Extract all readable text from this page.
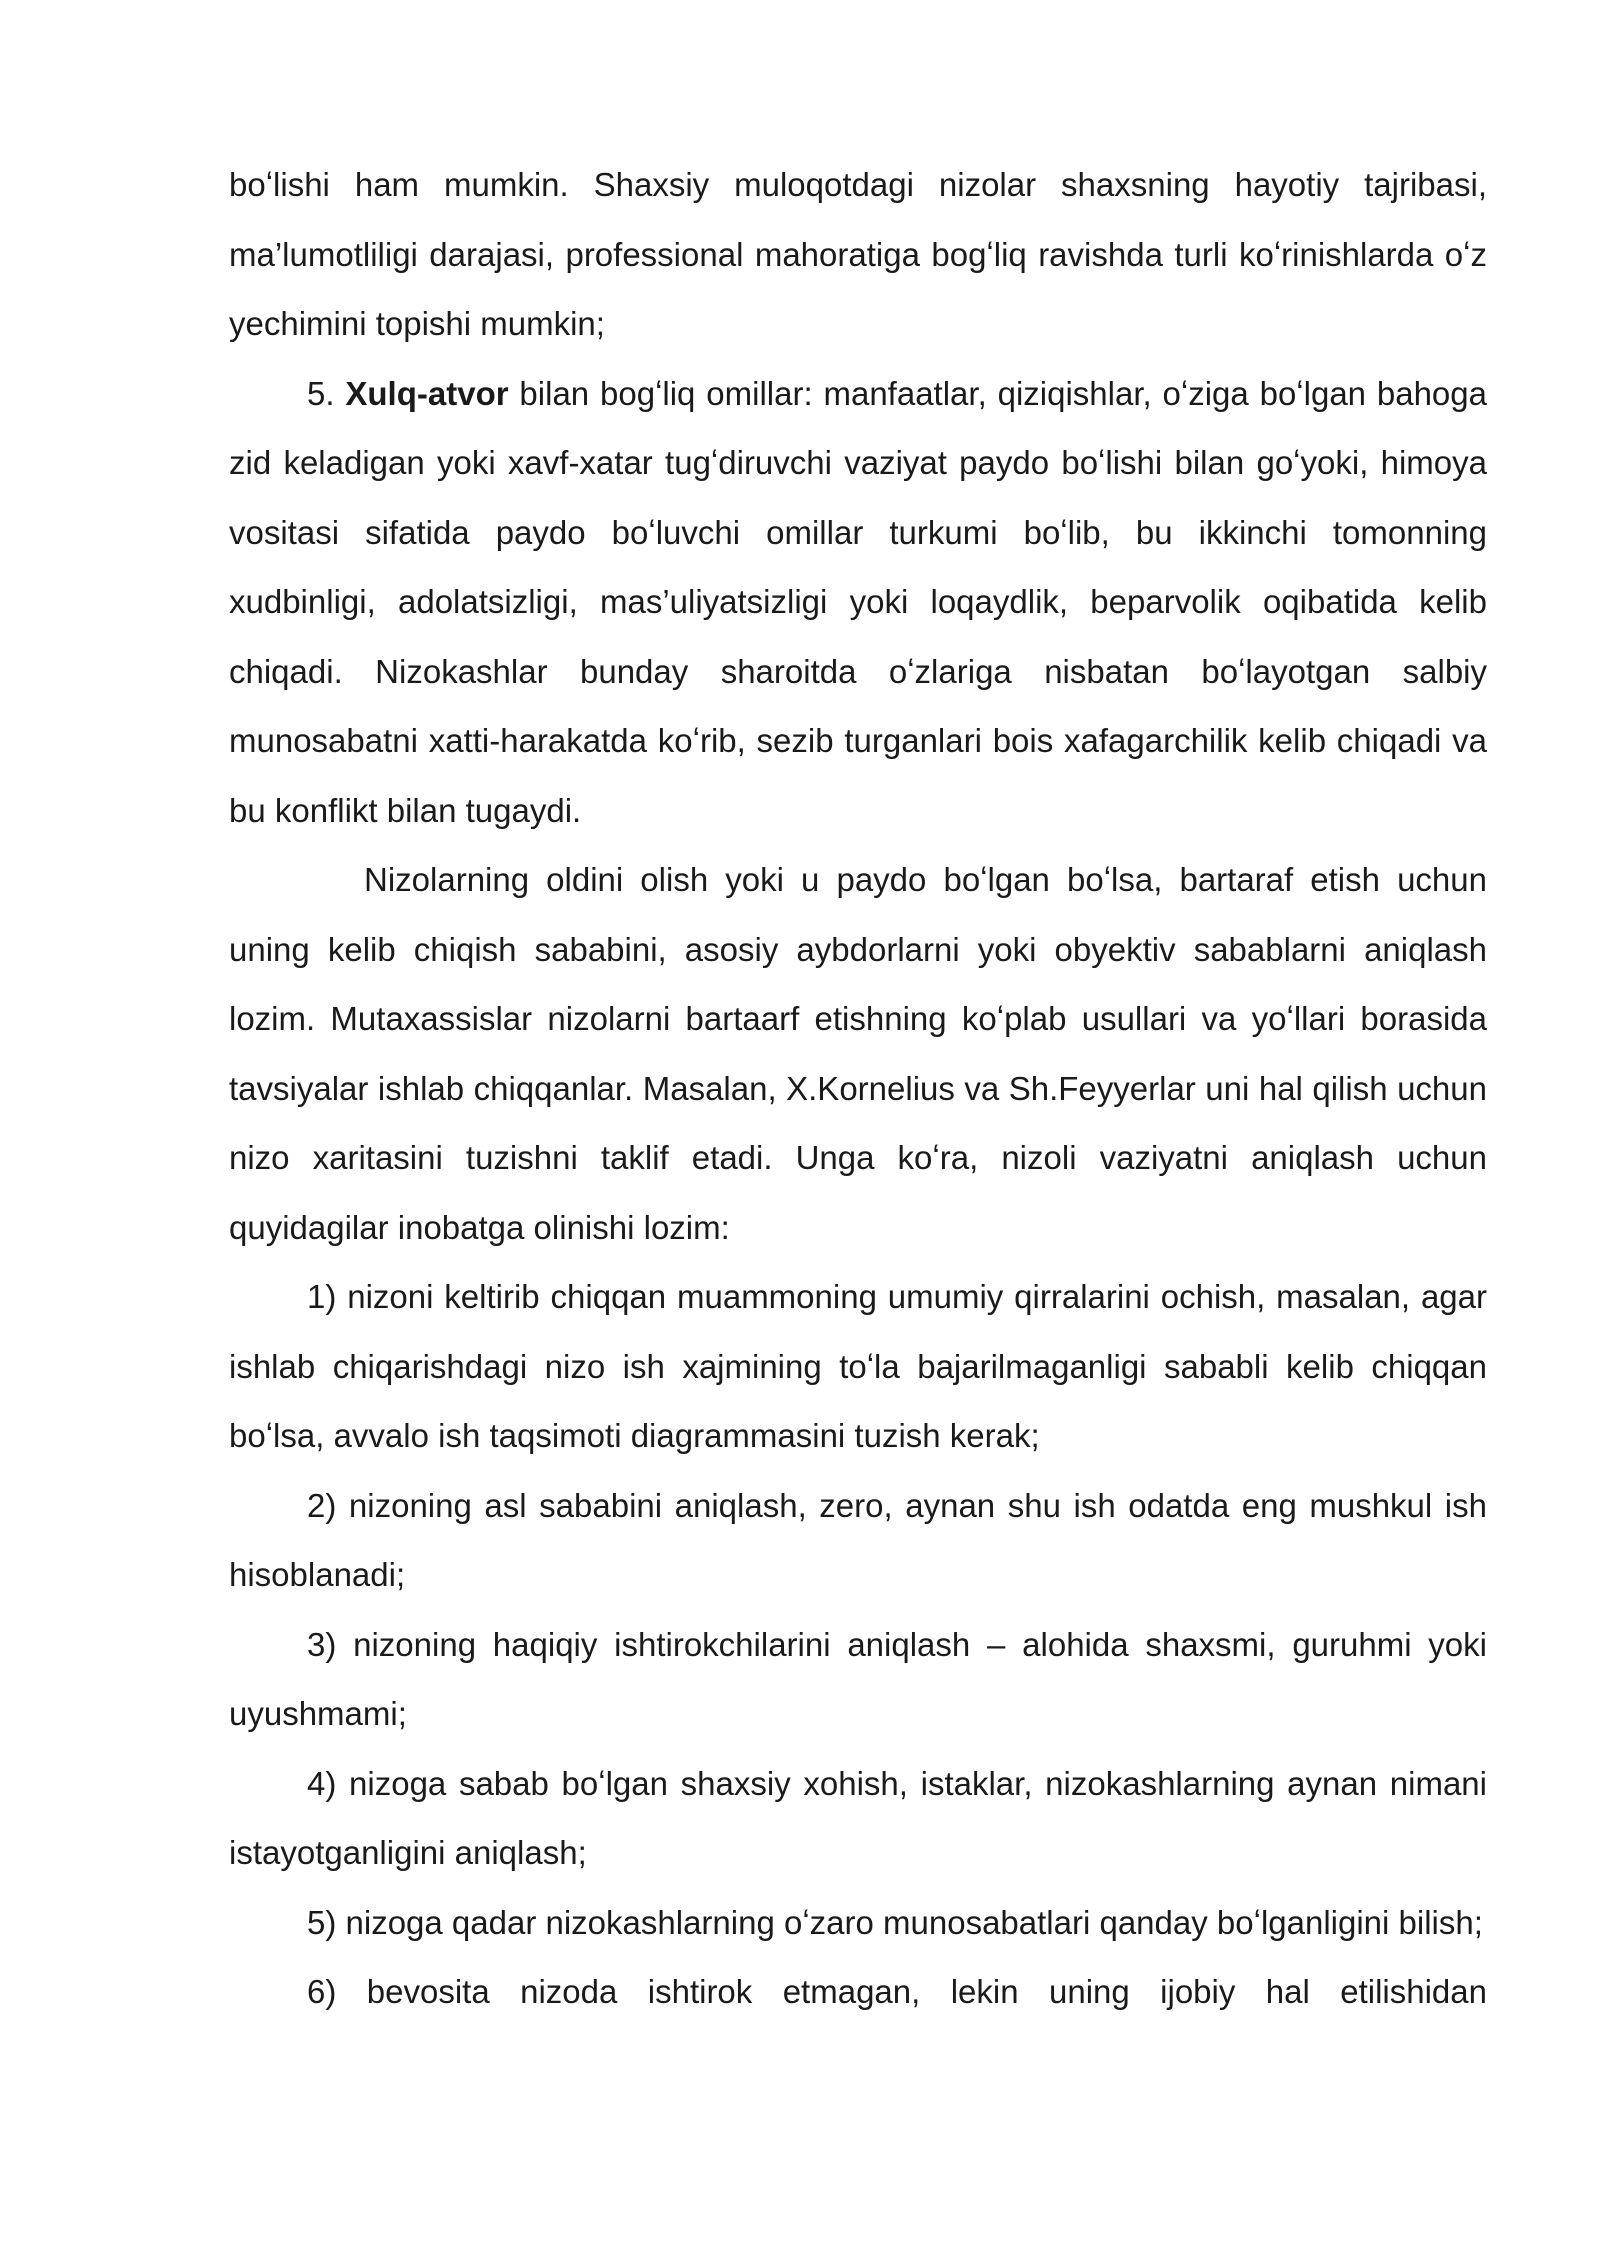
boʻlishi ham mumkin. Shaxsiy muloqotdagi nizolar shaxsning hayotiy tajribasi, ma’lumotliligi darajasi, professional mahoratiga bogʻliq ravishda turli koʻrinishlarda oʻz yechimini topishi mumkin;

5. Xulq-atvor bilan bogʻliq omillar: manfaatlar, qiziqishlar, oʻziga boʻlgan bahoga zid keladigan yoki xavf-xatar tugʻdiruvchi vaziyat paydo boʻlishi bilan goʻyoki, himoya vositasi sifatida paydo boʻluvchi omillar turkumi boʻlib, bu ikkinchi tomonning xudbinligi, adolatsizligi, mas’uliyatsizligi yoki loqaydlik, beparvolik oqibatida kelib chiqadi. Nizokashlar bunday sharoitda oʻzlariga nisbatan boʻlayotgan salbiy munosabatni xatti-harakatda koʻrib, sezib turganlari bois xafagarchilik kelib chiqadi va bu konflikt bilan tugaydi.

Nizolarning oldini olish yoki u paydo boʻlgan boʻlsa, bartaraf etish uchun uning kelib chiqish sababini, asosiy aybdorlarni yoki obyektiv sabablarni aniqlash lozim. Mutaxassislar nizolarni bartaarf etishning koʻplab usullari va yoʻllari borasida tavsiyalar ishlab chiqqanlar. Masalan, X.Kornelius va Sh.Feyyerlar uni hal qilish uchun nizo xaritasini tuzishni taklif etadi. Unga koʻra, nizoli vaziyatni aniqlash uchun quyidagilar inobatga olinishi lozim:

1) nizoni keltirib chiqqan muammoning umumiy qirralarini ochish, masalan, agar ishlab chiqarishdagi nizo ish xajmining toʻla bajarilmaganligi sababli kelib chiqqan boʻlsa, avvalo ish taqsimoti diagrammasini tuzish kerak;

2) nizoning asl sababini aniqlash, zero, aynan shu ish odatda eng mushkul ish hisoblanadi;

3) nizoning haqiqiy ishtirokchilarini aniqlash – alohida shaxsmi, guruhmi yoki uyushmami;

4) nizoga sabab boʻlgan shaxsiy xohish, istaklar, nizokashlarning aynan nimani istayotganligini aniqlash;

5) nizoga qadar nizokashlarning oʻzaro munosabatlari qanday boʻlganligini bilish;

6) bevosita nizoda ishtirok etmagan, lekin uning ijobiy hal etilishidan
